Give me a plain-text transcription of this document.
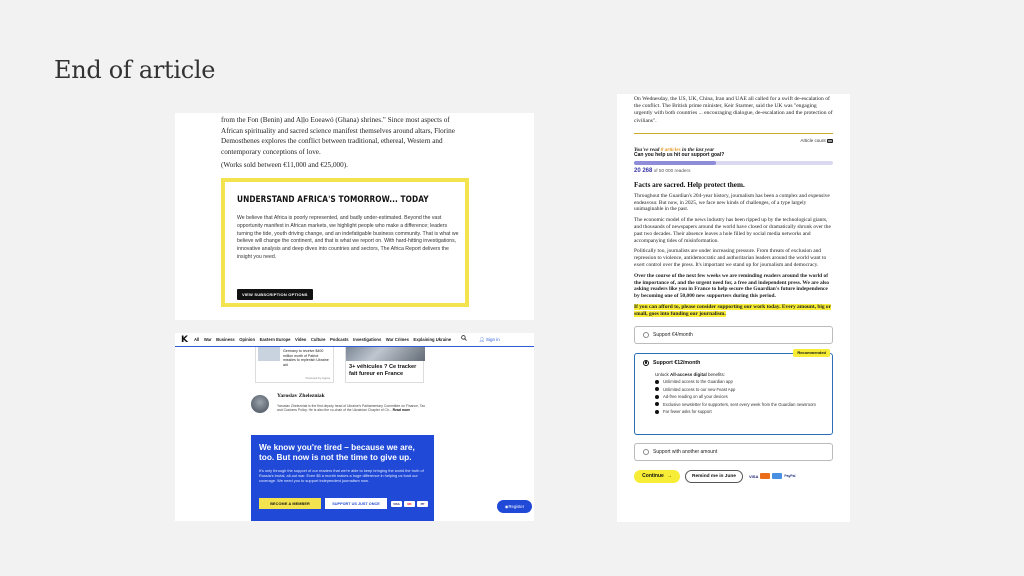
End of article
from the Fon (Benin) and Aḷḷo Eoeawó (Ghana) shrines." Since most aspects of African spirituality and sacred science manifest themselves around altars, Florine Demosthenes explores the conflict between traditional, ethereal, Western and contemporary conceptions of love.
(Works sold between €11,000 and €25,000).
UNDERSTAND AFRICA'S TOMORROW... TODAY
We believe that Africa is poorly represented, and badly under-estimated. Beyond the vast opportunity manifest in African markets, we highlight people who make a difference; leaders turning the tide, youth driving change, and an indefatigable business community. That is what we believe will change the continent, and that is what we report on. With hard-hitting investigations, innovative analysis and deep dives into countries and sectors, The Africa Report delivers the insight you need.
VIEW SUBSCRIPTION OPTIONS
K All War Business Opinion Eastern Europe Video Culture Podcasts Investigations War Crimes Explaining Ukraine	👤︎ Sign in
Germany to receive $400 million worth of Patriot missiles to replenish Ukraine aid
Powered by Agora
3+ véhicules ? Ce tracker fait fureur en France
Yaroslav Zhelezniak
Yaroslav Zhelezniak is the first deputy head of Ukraine's Parliamentary Committee on Finance, Tax and Customs Policy. He is also the co-chair of the Ukrainian Chapter of Ch... Read more
We know you're tired – because we are, too. But now is not the time to give up.
It's only through the support of our readers that we're able to keep bringing the world the truth of Russia's brutal, all-out war. Even $5 a month makes a huge difference in helping us fund our coverage. We need you to support independent journalism now.
BECOME A MEMBER	SUPPORT US JUST ONCE	VISA	MC	PP	◉ Register
On Wednesday, the US, UK, China, Iran and UAE all called for a swift de-escalation of the conflict. The British prime minister, Keir Starmer, said the UK was "engaging urgently with both countries ... encouraging dialogue, de-escalation and the protection of civilians".
You've read 8 articles in the last year
Article count on
Can you help us hit our support goal?
20 268 of 50 000 readers
Facts are sacred. Help protect them.
Throughout the Guardian's 204-year history, journalism has been a complex and expensive endeavour. But now, in 2025, we face new kinds of challenges, of a type largely unimaginable in the past.
The economic model of the news industry has been ripped up by the technological giants, and thousands of newspapers around the world have closed or dramatically shrunk over the past two decades. Their absence leaves a hole filled by social media networks and accompanying tides of misinformation.
Politically too, journalists are under increasing pressure. From threats of exclusion and repression to violence, antidemocratic and authoritarian leaders around the world want to exert control over the press. It's important we stand up for journalism and democracy.
Over the course of the next few weeks we are reminding readers around the world of the importance of, and the urgent need for, a free and independent press. We are also asking readers like you in France to help secure the Guardian's future independence by becoming one of 50,000 new supporters during this period.
If you can afford to, please consider supporting our work today. Every amount, big or small, goes into funding our journalism.
Support €4/month
Recommended
Support €12/month
Unlock All-access digital benefits:
Unlimited access to the Guardian app
Unlimited access to our new Feast App
Ad-free reading on all your devices
Exclusive newsletter for supporters, sent every week from the Guardian newsroom
Far fewer asks for support
Support with another amount
Continue →	Remind me in June	VISA	PayPal
